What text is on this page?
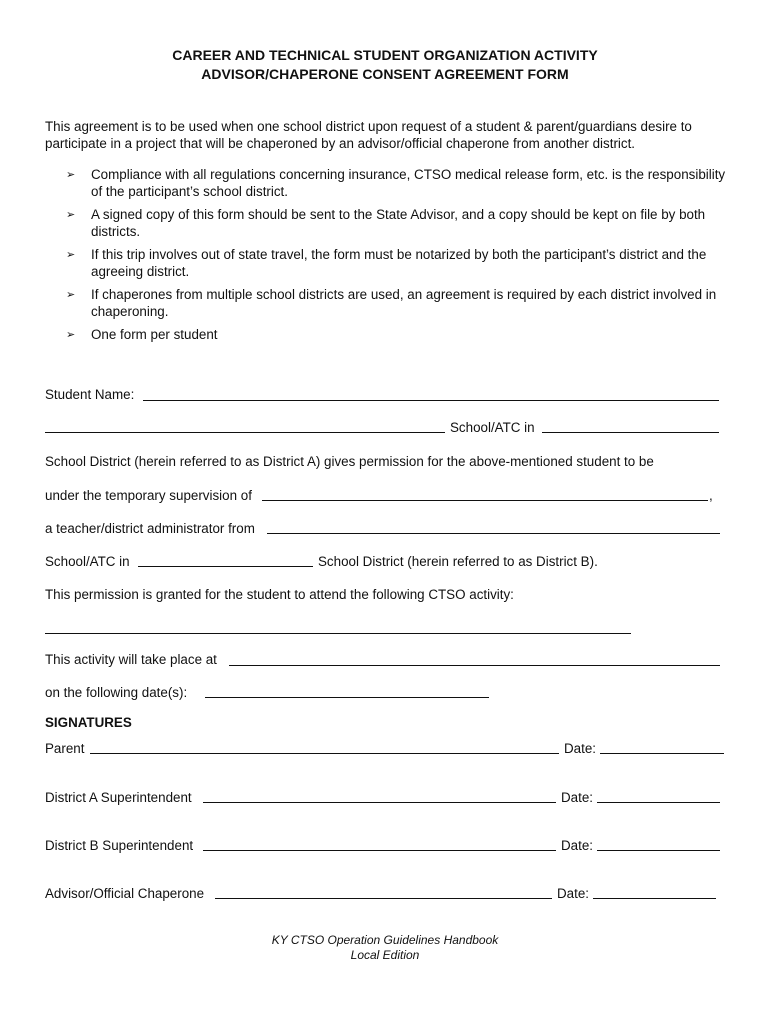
CAREER AND TECHNICAL STUDENT ORGANIZATION ACTIVITY
ADVISOR/CHAPERONE CONSENT AGREEMENT FORM
This agreement is to be used when one school district upon request of a student & parent/guardians desire to participate in a project that will be chaperoned by an advisor/official chaperone from another district.
➢ Compliance with all regulations concerning insurance, CTSO medical release form, etc. is the responsibility of the participant’s school district.
➢ A signed copy of this form should be sent to the State Advisor, and a copy should be kept on file by both districts.
➢ If this trip involves out of state travel, the form must be notarized by both the participant’s district and the agreeing district.
➢ If chaperones from multiple school districts are used, an agreement is required by each district involved in chaperoning.
➢ One form per student
Student Name:
School/ATC in
School District (herein referred to as District A) gives permission for the above-mentioned student to be
under the temporary supervision of	,
a teacher/district administrator from
School/ATC in	School District (herein referred to as District B).
This permission is granted for the student to attend the following CTSO activity:
This activity will take place at
on the following date(s):
SIGNATURES
Parent	Date:
District A Superintendent	Date:
District B Superintendent	Date:
Advisor/Official Chaperone	Date:
KY CTSO Operation Guidelines Handbook
Local Edition
